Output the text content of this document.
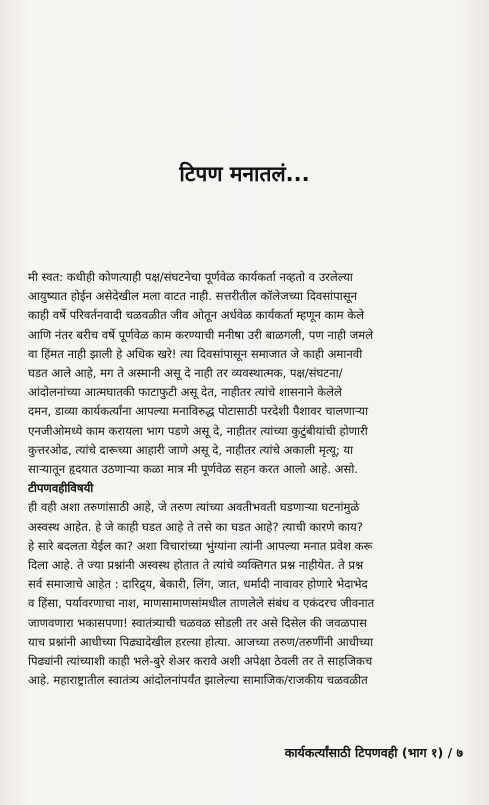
टिपण मनातलं...
मी स्वत: कधीही कोणत्याही पक्ष/संघटनेचा पूर्णवेळ कार्यकर्ता नव्हतो व उरलेल्या
आयुष्यात होईन असेदेखील मला वाटत नाही. सत्तरीतील कॉलेजच्या दिवसांपासून
काही वर्षे परिवर्तनवादी चळवळीत जीव ओतून अर्धवेळ कार्यकर्ता म्हणून काम केले
आणि नंतर बरीच वर्षे पूर्णवेळ काम करण्याची मनीषा उरी बाळगली, पण नाही जमले
वा हिंमत नाही झाली हे अधिक खरे! त्या दिवसांपासून समाजात जे काही अमानवी
घडत आले आहे, मग ते अस्मानी असू दे नाही तर व्यवस्थात्मक, पक्ष/संघटना/
आंदोलनांच्या आत्मघातकी फाटाफुटी असू देत, नाहीतर त्यांचे शासनाने केलेले
दमन, डाव्या कार्यकर्त्यांना आपल्या मनाविरुद्ध पोटासाठी परदेशी पैशावर चालणाऱ्या
एनजीओमध्ये काम करायला भाग पडणे असू दे, नाहीतर त्यांच्या कुटुंबीयांची होणारी
कुत्तरओढ, त्यांचे दारूच्या आहारी जाणे असू दे, नाहीतर त्यांचे अकाली मृत्यू; या
साऱ्यातून हृदयात उठणाऱ्या कळा मात्र मी पूर्णवेळ सहन करत आलो आहे. असो.
टीपणवहीविषयी
ही वही अशा तरुणांसाठी आहे, जे तरुण त्यांच्या अवतीभवती घडणाऱ्या घटनांमुळे
अस्वस्थ आहेत. हे जे काही घडत आहे ते तसे का घडत आहे? त्याची कारणे काय?
हे सारे बदलता येईल का? अशा विचारांच्या भुंग्यांना त्यांनी आपल्या मनात प्रवेश करू
दिला आहे. ते ज्या प्रश्नांनी अस्वस्थ होतात ते त्यांचे व्यक्तिगत प्रश्न नाहीयेत. ते प्रश्न
सर्व समाजाचे आहेत : दारिद्र्य, बेकारी, लिंग, जात, धर्मादी नावावर होणारे भेदाभेद
व हिंसा, पर्यावरणाचा नाश, माणसामाणसांमधील ताणलेले संबंध व एकंदरच जीवनात
जाणवणारा भकासपणा! स्वातंत्र्याची चळवळ सोडली तर असे दिसेल की जवळपास
याच प्रश्नांनी आधीच्या पिढ्यादेखील हरल्या होत्या. आजच्या तरुण/तरुणींनी आधीच्या
पिढ्यांनी त्यांच्याशी काही भले-बुरे शेअर करावे अशी अपेक्षा ठेवली तर ते साहजिकच
आहे. महाराष्ट्रातील स्वातंत्र्य आंदोलनांपर्यंत झालेल्या सामाजिक/राजकीय चळवळीत
कार्यकर्त्यांसाठी टिपणवही (भाग १) / ७
